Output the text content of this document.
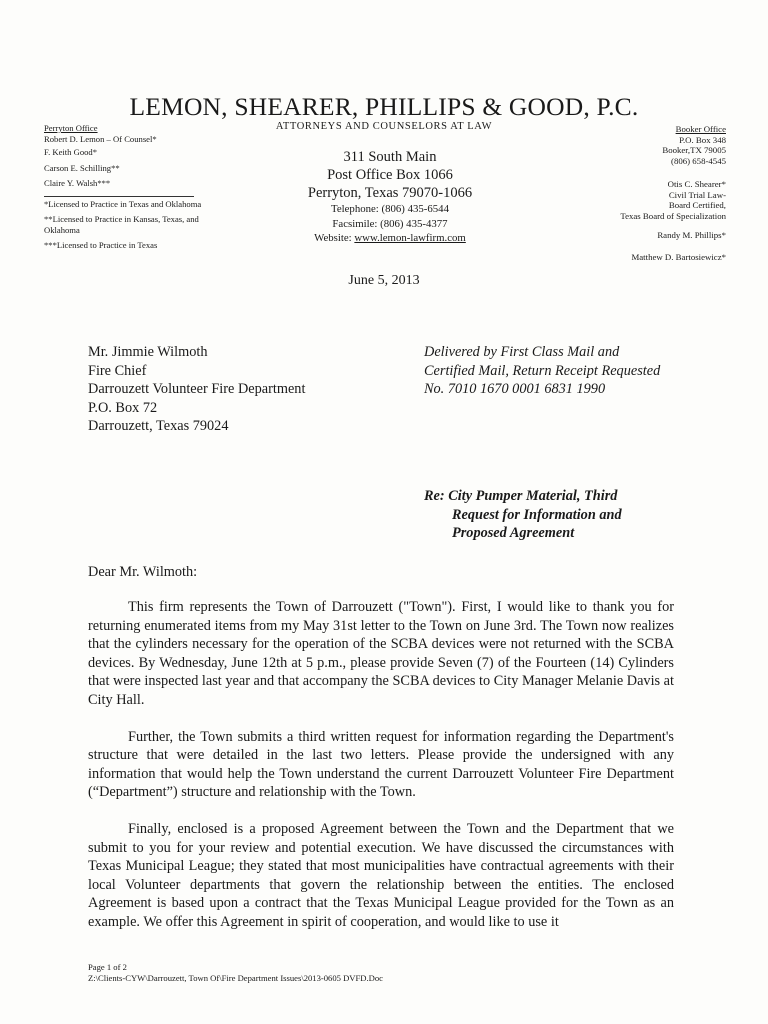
LEMON, SHEARER, PHILLIPS & GOOD, P.C.
ATTORNEYS AND COUNSELORS AT LAW
Perryton Office
Robert D. Lemon – Of Counsel*
F. Keith Good*
Carson E. Schilling**
Claire Y. Walsh***
*Licensed to Practice in Texas and Oklahoma
**Licensed to Practice in Kansas, Texas, and Oklahoma
***Licensed to Practice in Texas
311 South Main
Post Office Box 1066
Perryton, Texas 79070-1066
Telephone: (806) 435-6544
Facsimile: (806) 435-4377
Website: www.lemon-lawfirm.com
Booker Office
P.O. Box 348
Booker,TX 79005
(806) 658-4545
Otis C. Shearer*
Civil Trial Law-
Board Certified,
Texas Board of Specialization
Randy M. Phillips*
Matthew D. Bartosiewicz*
June 5, 2013
Mr. Jimmie Wilmoth
Fire Chief
Darrouzett Volunteer Fire Department
P.O. Box 72
Darrouzett, Texas 79024
Delivered by First Class Mail and
Certified Mail, Return Receipt Requested
No. 7010 1670 0001 6831 1990
Re: City Pumper Material, Third
Request for Information and
Proposed Agreement
Dear Mr. Wilmoth:

This firm represents the Town of Darrouzett ("Town"). First, I would like to thank you for returning enumerated items from my May 31st letter to the Town on June 3rd. The Town now realizes that the cylinders necessary for the operation of the SCBA devices were not returned with the SCBA devices. By Wednesday, June 12th at 5 p.m., please provide Seven (7) of the Fourteen (14) Cylinders that were inspected last year and that accompany the SCBA devices to City Manager Melanie Davis at City Hall.

Further, the Town submits a third written request for information regarding the Department's structure that were detailed in the last two letters. Please provide the undersigned with any information that would help the Town understand the current Darrouzett Volunteer Fire Department (“Department”) structure and relationship with the Town.

Finally, enclosed is a proposed Agreement between the Town and the Department that we submit to you for your review and potential execution. We have discussed the circumstances with Texas Municipal League; they stated that most municipalities have contractual agreements with their local Volunteer departments that govern the relationship between the entities. The enclosed Agreement is based upon a contract that the Texas Municipal League provided for the Town as an example. We offer this Agreement in spirit of cooperation, and would like to use it

Page 1 of 2
Z:\Clients-CYW\Darrouzett, Town Of\Fire Department Issues\2013-0605 DVFD.Doc
